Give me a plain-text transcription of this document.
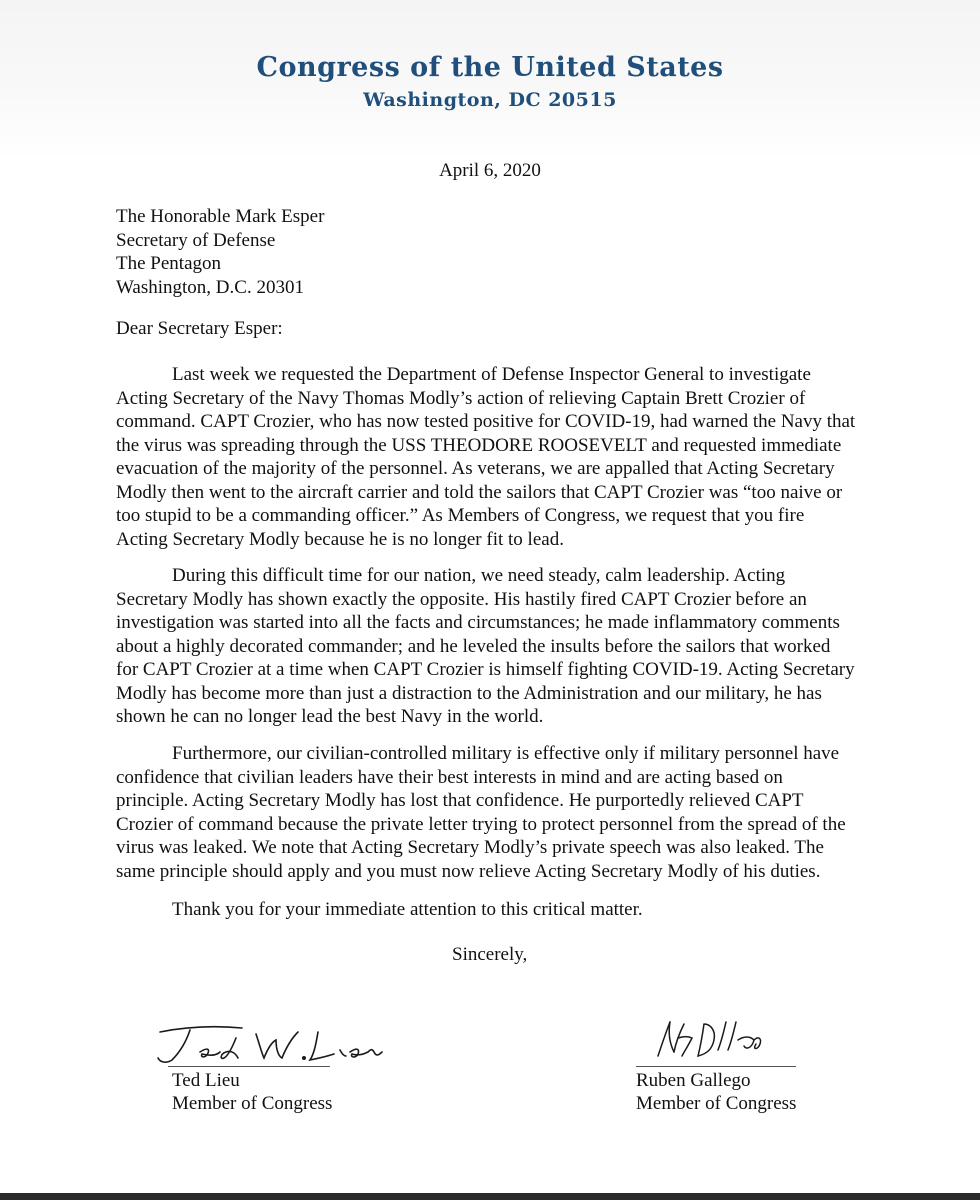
Congress of the United States
Washington, DC 20515
April 6, 2020
The Honorable Mark Esper
Secretary of Defense
The Pentagon
Washington, D.C. 20301
Dear Secretary Esper:
Last week we requested the Department of Defense Inspector General to investigate
Acting Secretary of the Navy Thomas Modly’s action of relieving Captain Brett Crozier of
command. CAPT Crozier, who has now tested positive for COVID-19, had warned the Navy that
the virus was spreading through the USS THEODORE ROOSEVELT and requested immediate
evacuation of the majority of the personnel. As veterans, we are appalled that Acting Secretary
Modly then went to the aircraft carrier and told the sailors that CAPT Crozier was “too naive or
too stupid to be a commanding officer.” As Members of Congress, we request that you fire
Acting Secretary Modly because he is no longer fit to lead.
During this difficult time for our nation, we need steady, calm leadership. Acting
Secretary Modly has shown exactly the opposite. His hastily fired CAPT Crozier before an
investigation was started into all the facts and circumstances; he made inflammatory comments
about a highly decorated commander; and he leveled the insults before the sailors that worked
for CAPT Crozier at a time when CAPT Crozier is himself fighting COVID-19. Acting Secretary
Modly has become more than just a distraction to the Administration and our military, he has
shown he can no longer lead the best Navy in the world.
Furthermore, our civilian-controlled military is effective only if military personnel have
confidence that civilian leaders have their best interests in mind and are acting based on
principle. Acting Secretary Modly has lost that confidence. He purportedly relieved CAPT
Crozier of command because the private letter trying to protect personnel from the spread of the
virus was leaked. We note that Acting Secretary Modly’s private speech was also leaked. The
same principle should apply and you must now relieve Acting Secretary Modly of his duties.
Thank you for your immediate attention to this critical matter.
Sincerely,
Ted Lieu
Member of Congress
Ruben Gallego
Member of Congress
